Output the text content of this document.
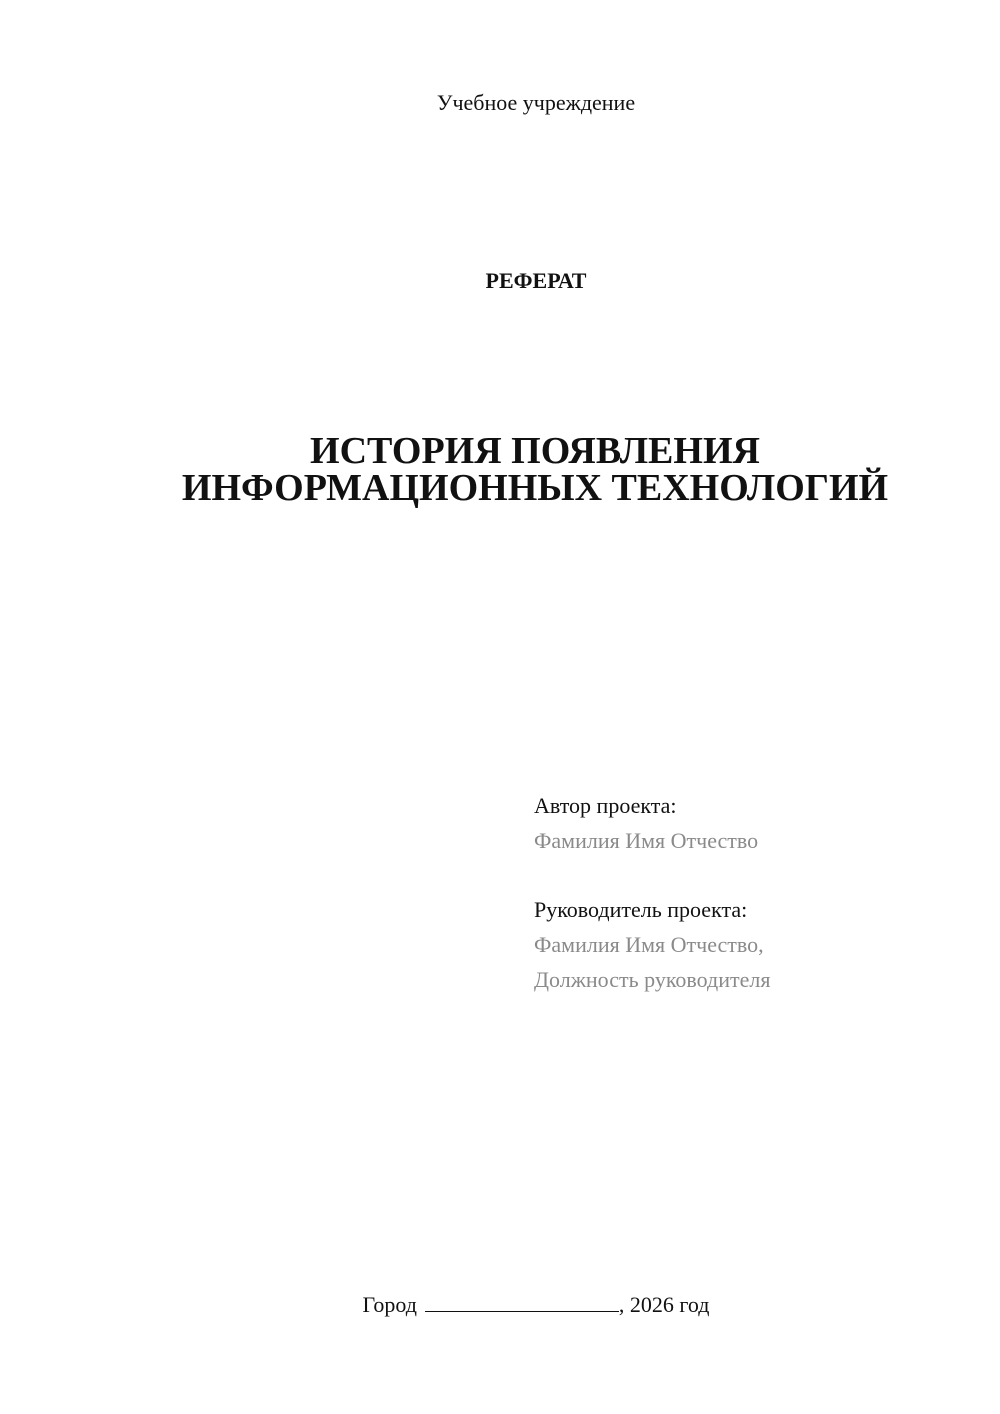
Учебное учреждение
РЕФЕРАТ
ИСТОРИЯ ПОЯВЛЕНИЯ
ИНФОРМАЦИОННЫХ ТЕХНОЛОГИЙ
Автор проекта:
Фамилия Имя Отчество
Руководитель проекта:
Фамилия Имя Отчество,
Должность руководителя
Город	, 2026 год
